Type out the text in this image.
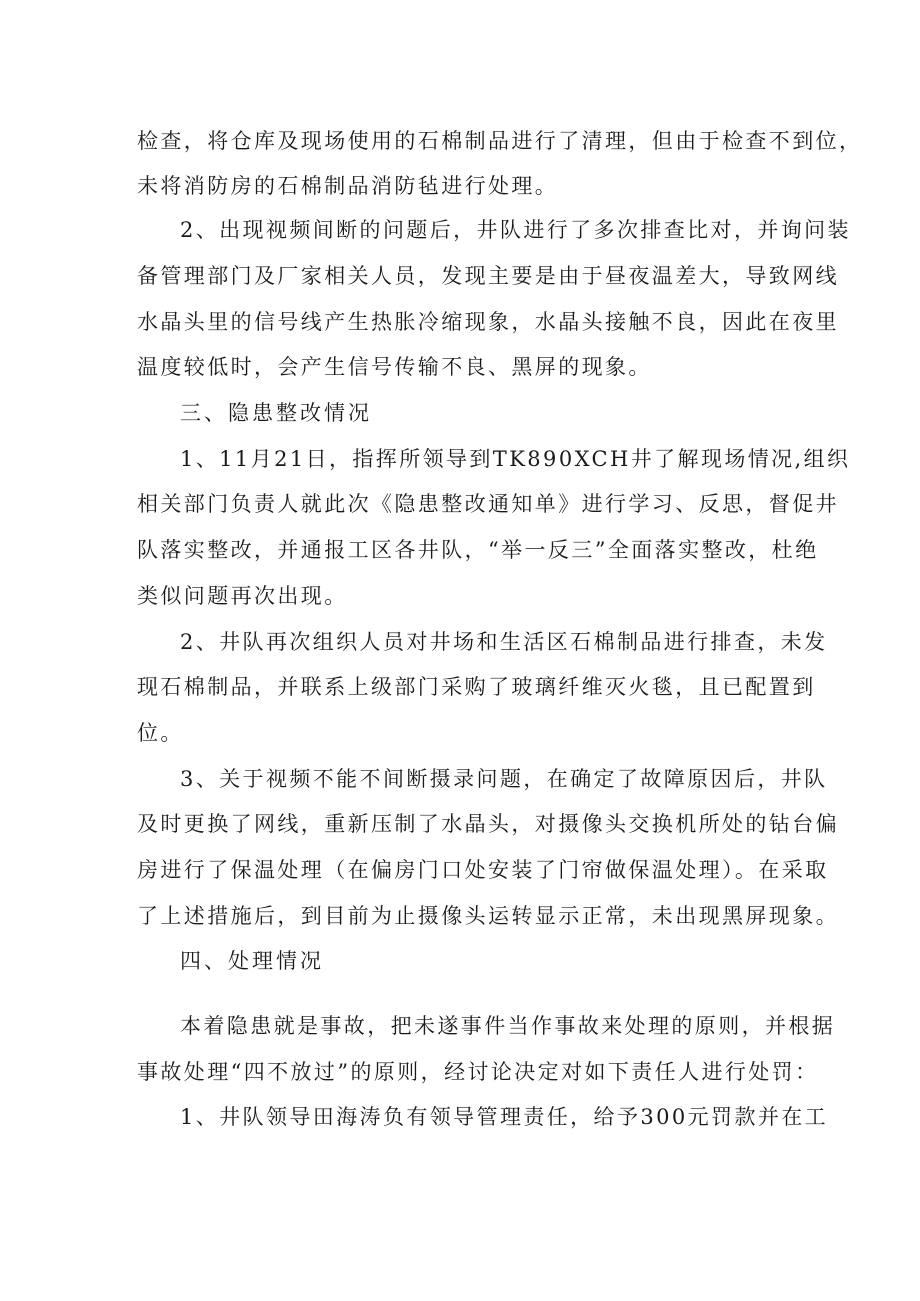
检查，将仓库及现场使用的石棉制品进行了清理，但由于检查不到位，
未将消防房的石棉制品消防毡进行处理。
2、出现视频间断的问题后，井队进行了多次排查比对，并询问装
备管理部门及厂家相关人员，发现主要是由于昼夜温差大，导致网线
水晶头里的信号线产生热胀冷缩现象，水晶头接触不良，因此在夜里
温度较低时，会产生信号传输不良、黑屏的现象。
三、隐患整改情况
1、11月21日，指挥所领导到TK890XCH井了解现场情况,组织
相关部门负责人就此次《隐患整改通知单》进行学习、反思，督促井
队落实整改，并通报工区各井队，“举一反三”全面落实整改，杜绝
类似问题再次出现。
2、井队再次组织人员对井场和生活区石棉制品进行排查，未发
现石棉制品，并联系上级部门采购了玻璃纤维灭火毯，且已配置到
位。
3、关于视频不能不间断摄录问题，在确定了故障原因后，井队
及时更换了网线，重新压制了水晶头，对摄像头交换机所处的钻台偏
房进行了保温处理（在偏房门口处安装了门帘做保温处理）。在采取
了上述措施后，到目前为止摄像头运转显示正常，未出现黑屏现象。
四、处理情况
本着隐患就是事故，把未遂事件当作事故来处理的原则，并根据
事故处理“四不放过”的原则，经讨论决定对如下责任人进行处罚：
1、井队领导田海涛负有领导管理责任，给予300元罚款并在工
